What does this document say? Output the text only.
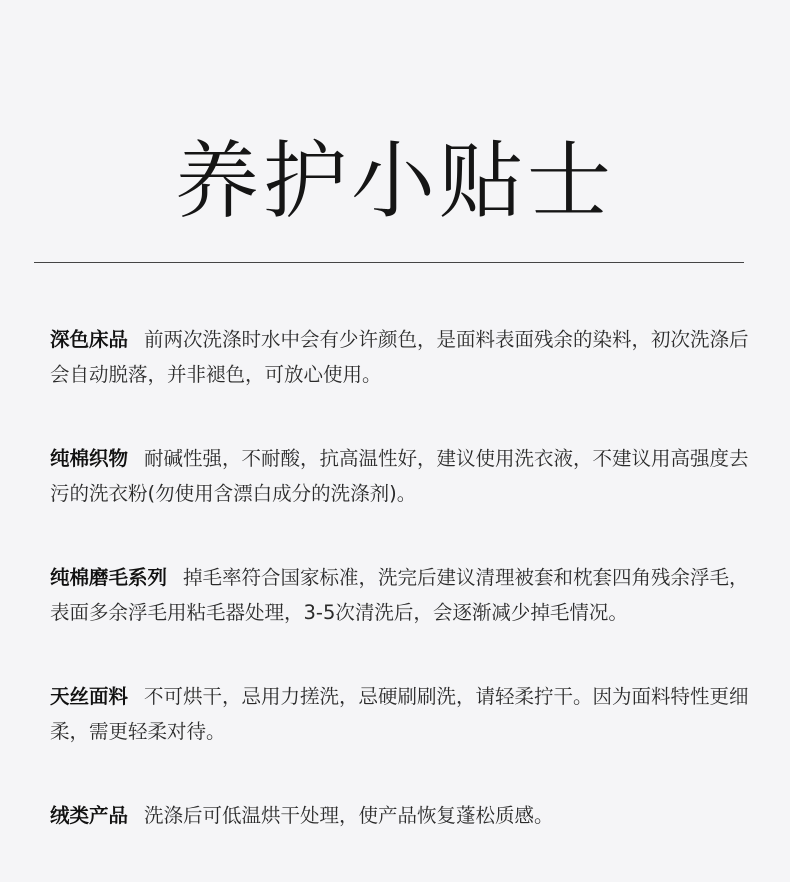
养护小贴士

深色床品 前两次洗涤时水中会有少许颜色，是面料表面残余的染料，初次洗涤后会自动脱落，并非褪色，可放心使用。

纯棉织物 耐碱性强，不耐酸，抗高温性好，建议使用洗衣液，不建议用高强度去污的洗衣粉(勿使用含漂白成分的洗涤剂)。

纯棉磨毛系列 掉毛率符合国家标准，洗完后建议清理被套和枕套四角残余浮毛，表面多余浮毛用粘毛器处理，3-5次清洗后，会逐渐减少掉毛情况。

天丝面料 不可烘干，忌用力搓洗，忌硬刷刷洗，请轻柔拧干。因为面料特性更细柔，需更轻柔对待。

绒类产品 洗涤后可低温烘干处理，使产品恢复蓬松质感。
